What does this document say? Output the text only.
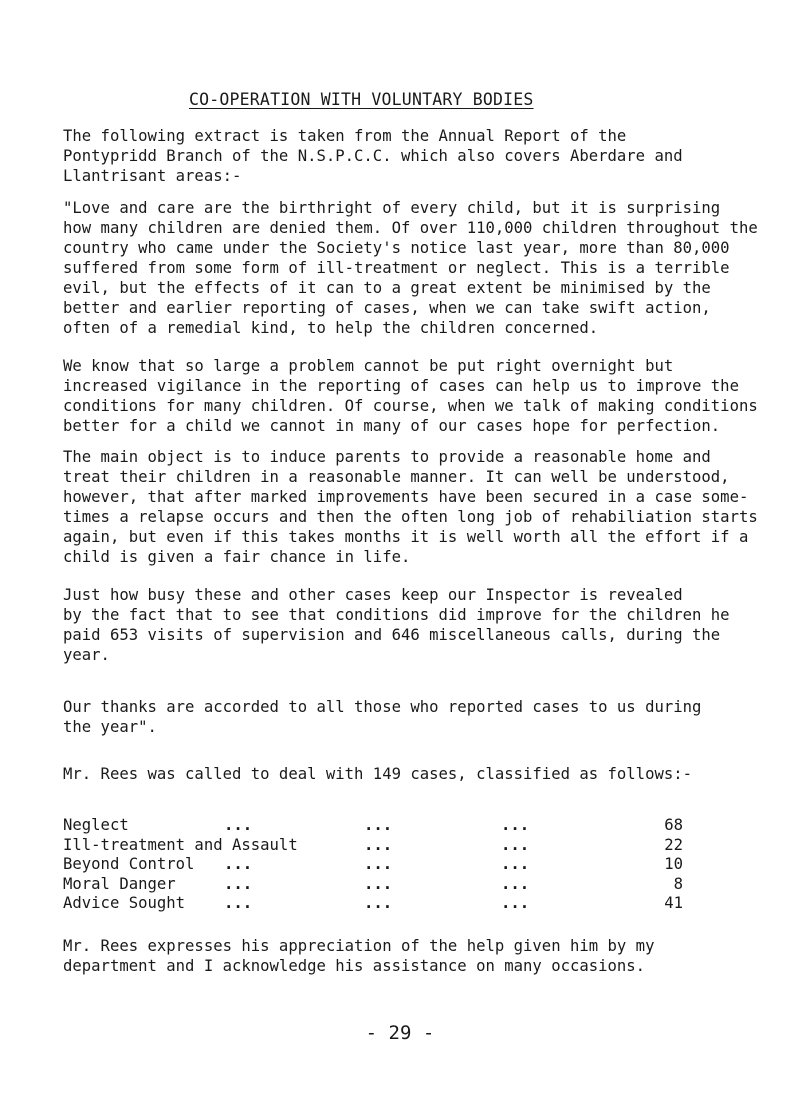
CO-OPERATION WITH VOLUNTARY BODIES
The following extract is taken from the Annual Report of the
Pontypridd Branch of the N.S.P.C.C. which also covers Aberdare and
Llantrisant areas:-
"Love and care are the birthright of every child, but it is surprising
how many children are denied them. Of over 110,000 children throughout the
country who came under the Society's notice last year, more than 80,000
suffered from some form of ill-treatment or neglect. This is a terrible
evil, but the effects of it can to a great extent be minimised by the
better and earlier reporting of cases, when we can take swift action,
often of a remedial kind, to help the children concerned.
We know that so large a problem cannot be put right overnight but
increased vigilance in the reporting of cases can help us to improve the
conditions for many children. Of course, when we talk of making conditions
better for a child we cannot in many of our cases hope for perfection.
The main object is to induce parents to provide a reasonable home and
treat their children in a reasonable manner. It can well be understood,
however, that after marked improvements have been secured in a case some-
times a relapse occurs and then the often long job of rehabiliation starts
again, but even if this takes months it is well worth all the effort if a
child is given a fair chance in life.
Just how busy these and other cases keep our Inspector is revealed
by the fact that to see that conditions did improve for the children he
paid 653 visits of supervision and 646 miscellaneous calls, during the
year.
Our thanks are accorded to all those who reported cases to us during
the year".
Mr. Rees was called to deal with 149 cases, classified as follows:-
Neglect	...	...	...	68
Ill-treatment and Assault	...	...	22
Beyond Control ...	...	...	10
Moral Danger	...	...	...	8
Advice Sought ...	...	...	41
Mr. Rees expresses his appreciation of the help given him by my
department and I acknowledge his assistance on many occasions.
- 29 -
